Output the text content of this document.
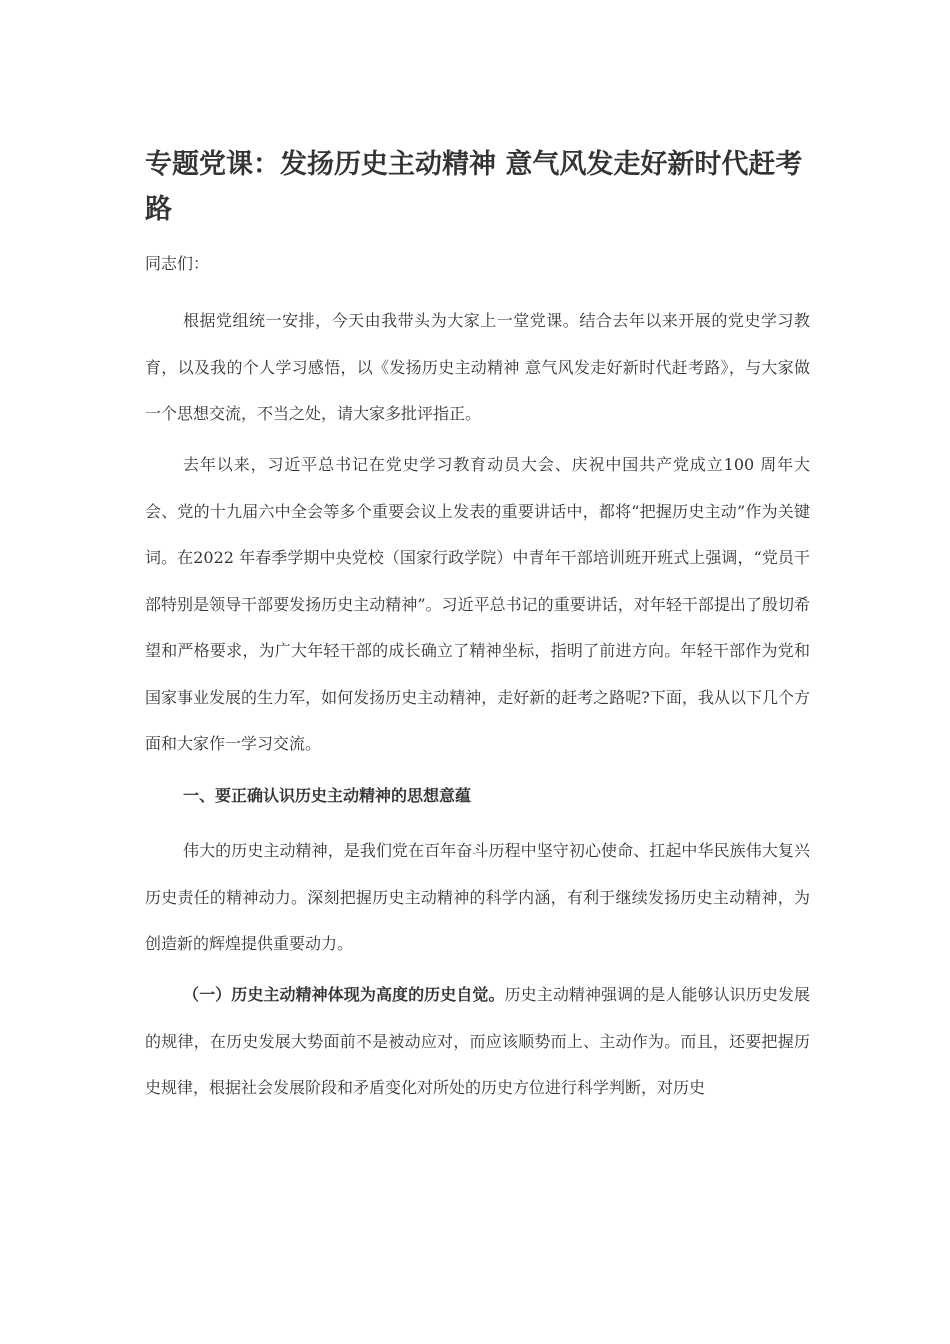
专题党课：发扬历史主动精神 意气风发走好新时代赶考路

同志们：

根据党组统一安排，今天由我带头为大家上一堂党课。结合去年以来开展的党史学习教育，以及我的个人学习感悟，以《发扬历史主动精神 意气风发走好新时代赶考路》，与大家做一个思想交流，不当之处，请大家多批评指正。

去年以来，习近平总书记在党史学习教育动员大会、庆祝中国共产党成立100 周年大会、党的十九届六中全会等多个重要会议上发表的重要讲话中，都将“把握历史主动”作为关键词。在2022 年春季学期中央党校（国家行政学院）中青年干部培训班开班式上强调，“党员干部特别是领导干部要发扬历史主动精神”。习近平总书记的重要讲话，对年轻干部提出了殷切希望和严格要求，为广大年轻干部的成长确立了精神坐标，指明了前进方向。年轻干部作为党和国家事业发展的生力军，如何发扬历史主动精神，走好新的赶考之路呢?下面，我从以下几个方面和大家作一学习交流。

一、要正确认识历史主动精神的思想意蕴

伟大的历史主动精神，是我们党在百年奋斗历程中坚守初心使命、扛起中华民族伟大复兴历史责任的精神动力。深刻把握历史主动精神的科学内涵，有利于继续发扬历史主动精神，为创造新的辉煌提供重要动力。

（一）历史主动精神体现为高度的历史自觉。历史主动精神强调的是人能够认识历史发展的规律，在历史发展大势面前不是被动应对，而应该顺势而上、主动作为。而且，还要把握历史规律，根据社会发展阶段和矛盾变化对所处的历史方位进行科学判断，对历史
